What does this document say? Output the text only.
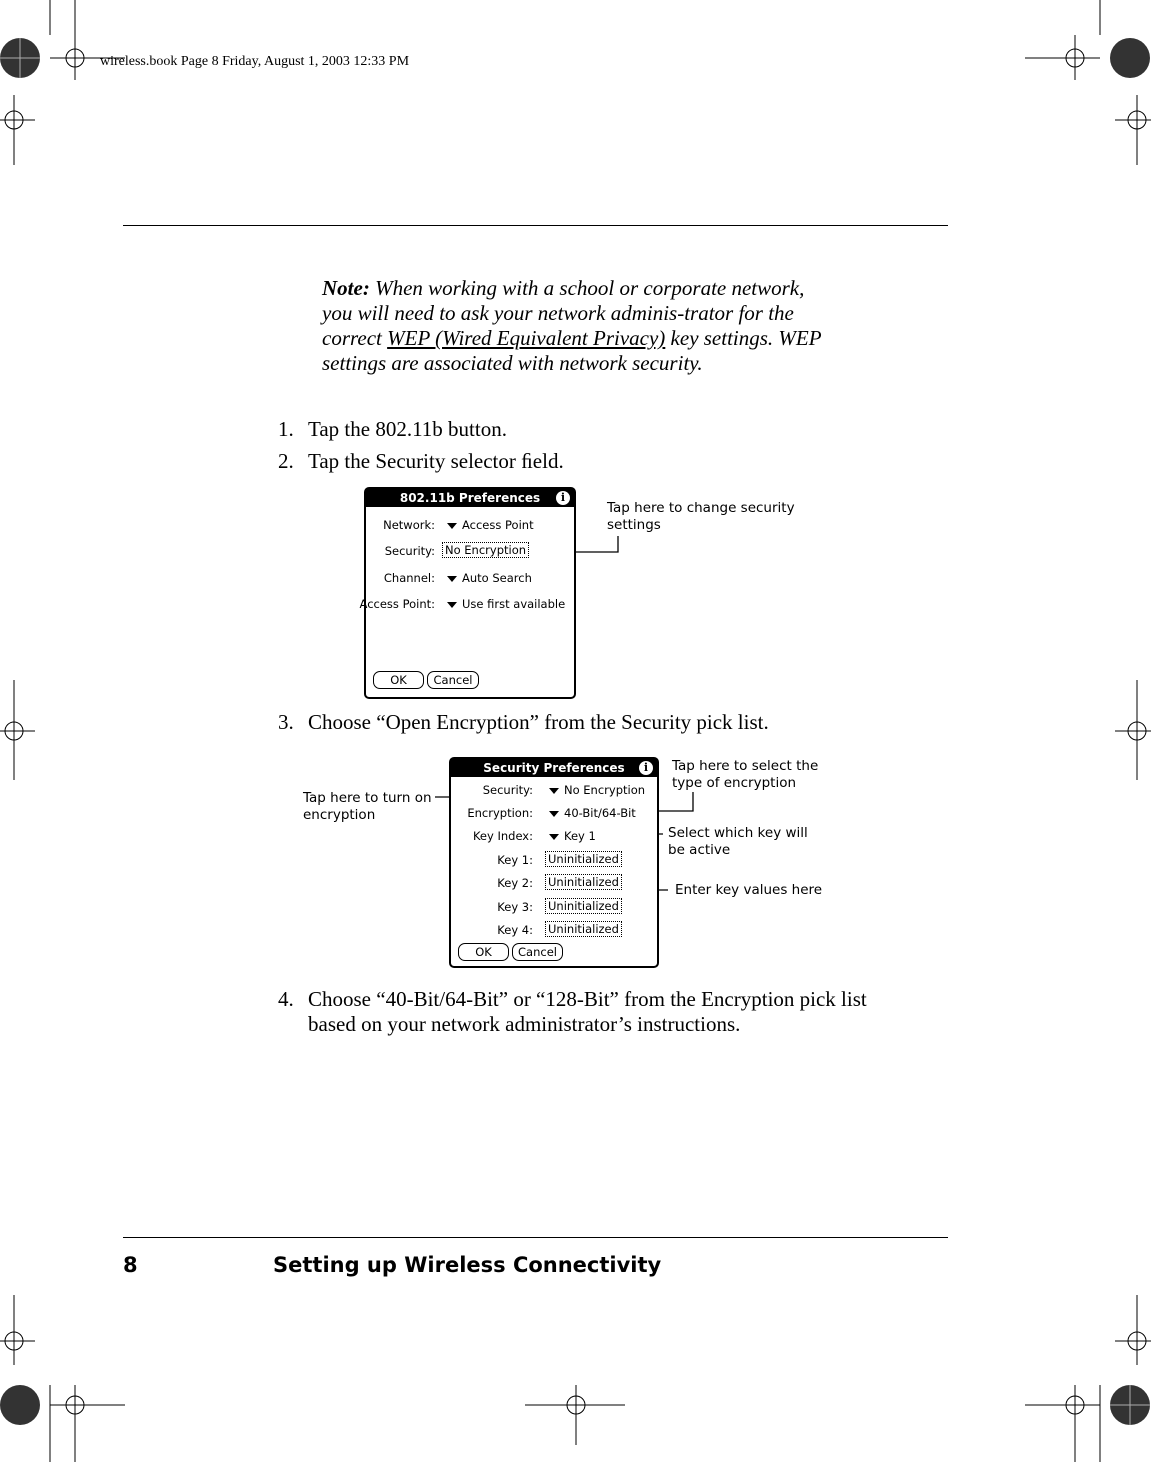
wireless.book Page 8 Friday, August 1, 2003 12:33 PM
Note: When working with a school or corporate network, you will need to ask your network adminis-trator for the correct WEP (Wired Equivalent Privacy) key settings. WEP settings are associated with network security.
1. Tap the 802.11b button.
2. Tap the Security selector ﬁeld.
802.11b Preferences	i
Network:	Access Point
Security: No Encryption
Channel:	Auto Search
Access Point:	Use first available
OK	Cancel
Tap here to change security settings
3. Choose “Open Encryption” from the Security pick list.
Security Preferences	i
Security:	No Encryption
Encryption:	40-Bit/64-Bit
Key Index:	Key 1
Key 1: Uninitialized
Key 2: Uninitialized
Key 3: Uninitialized
Key 4: Uninitialized
OK	Cancel
Tap here to turn on encryption
Tap here to select the type of encryption
Select which key will be active
Enter key values here
4. Choose “40-Bit/64-Bit” or “128-Bit” from the Encryption pick list based on your network administrator’s instructions.
8	Setting up Wireless Connectivity
